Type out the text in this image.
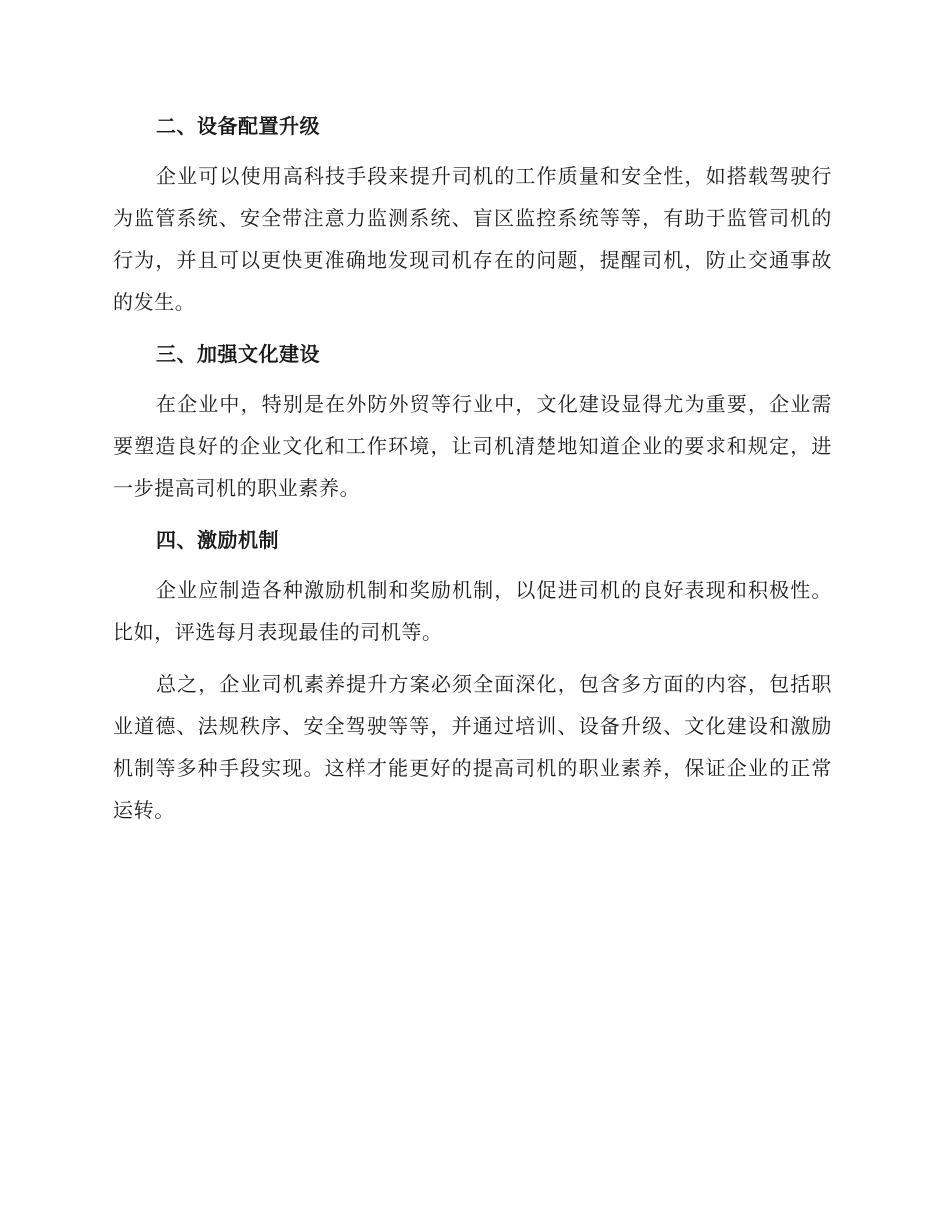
二、设备配置升级

企业可以使用高科技手段来提升司机的工作质量和安全性，如搭载驾驶行为监管系统、安全带注意力监测系统、盲区监控系统等等，有助于监管司机的行为，并且可以更快更准确地发现司机存在的问题，提醒司机，防止交通事故的发生。

三、加强文化建设

在企业中，特别是在外防外贸等行业中，文化建设显得尤为重要，企业需要塑造良好的企业文化和工作环境，让司机清楚地知道企业的要求和规定，进一步提高司机的职业素养。

四、激励机制

企业应制造各种激励机制和奖励机制，以促进司机的良好表现和积极性。比如，评选每月表现最佳的司机等。

总之，企业司机素养提升方案必须全面深化，包含多方面的内容，包括职业道德、法规秩序、安全驾驶等等，并通过培训、设备升级、文化建设和激励机制等多种手段实现。这样才能更好的提高司机的职业素养，保证企业的正常运转。
